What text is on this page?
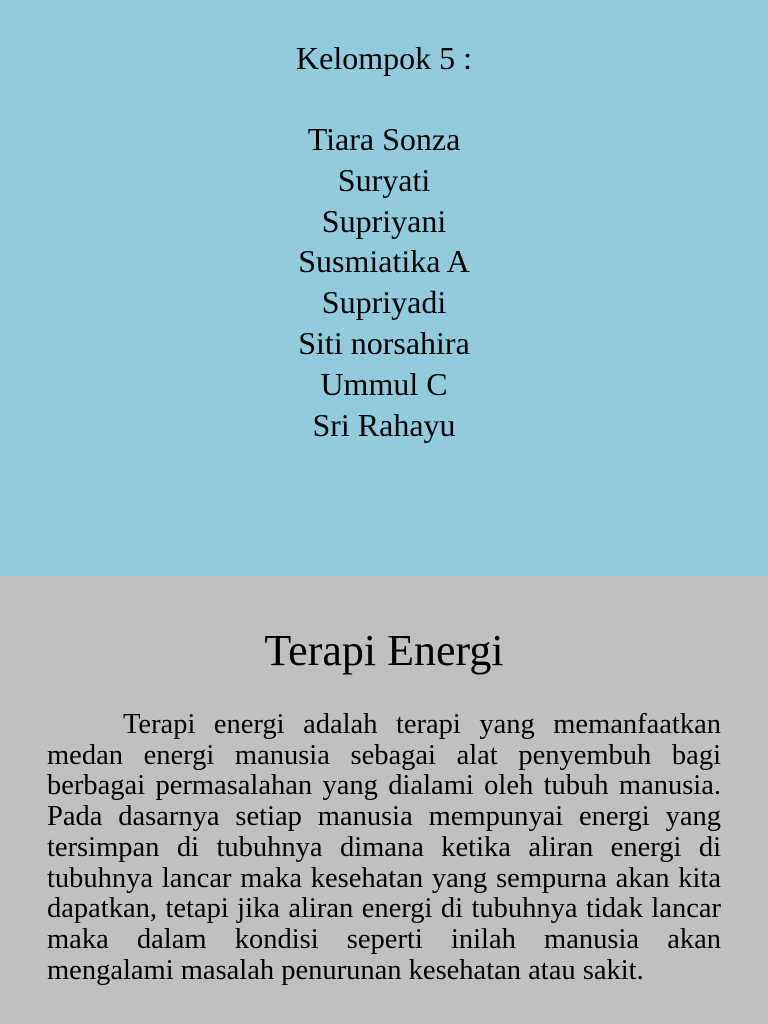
Kelompok 5 :
Tiara Sonza
Suryati
Supriyani
Susmiatika A
Supriyadi
Siti norsahira
Ummul C
Sri Rahayu
Terapi Energi

Terapi energi adalah terapi yang memanfaatkan medan energi manusia sebagai alat penyembuh bagi berbagai permasalahan yang dialami oleh tubuh manusia. Pada dasarnya setiap manusia mempunyai energi yang tersimpan di tubuhnya dimana ketika aliran energi di tubuhnya lancar maka kesehatan yang sempurna akan kita dapatkan, tetapi jika aliran energi di tubuhnya tidak lancar maka dalam kondisi seperti inilah manusia akan mengalami masalah penurunan kesehatan atau sakit.
